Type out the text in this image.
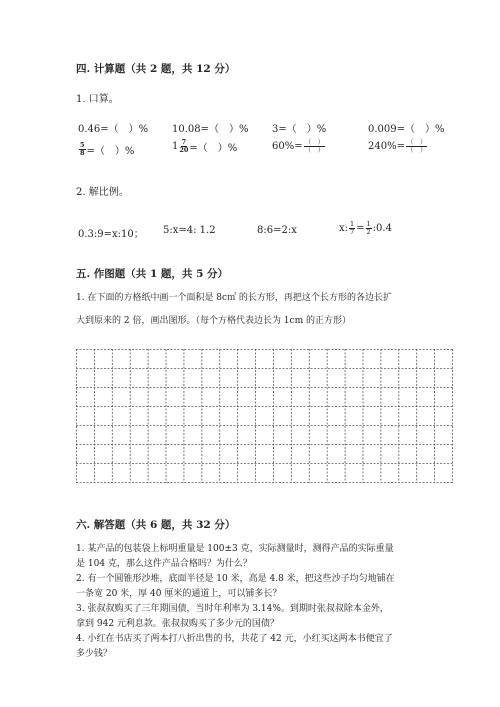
四. 计算题（共 2 题，共 12 分）
1. 口算。
0.46=（　）% 10.08=（　）% 3=（　）%	0.009=（　）%
$\frac{5}{8}$ =（　）%	$1 \frac{7}{20}$ =（　）%	$60\%= \frac{( )}{( )}$	$240\%= \frac{( )}{( )}$
2. 解比例。
0.3:9=x:10； 5:x=4: 1.2	8:6=2:x	x: $\frac{1}{7} = \frac{1}{2}$ :0.4
五. 作图题（共 1 题，共 5 分）
1. 在下面的方格纸中画一个面积是 8c㎡ 的长方形，再把这个长方形的各边长扩
大到原来的 2 倍，画出图形。（每个方格代表边长为 1cm 的正方形）
六. 解答题（共 6 题，共 32 分）
1. 某产品的包装袋上标明重量是 100±3 克，实际测量时，测得产品的实际重量
是 104 克，那么这件产品合格吗？为什么？
2. 有一个圆锥形沙堆，底面半径是 10 米，高是 4.8 米，把这些沙子均匀地铺在
一条宽 20 米，厚 40 厘米的通道上，可以铺多长？
3. 张叔叔购买了三年期国债，当时年利率为 3.14%。到期时张叔叔除本金外，
拿到 942 元利息款。张叔叔购买了多少元的国债？
4. 小红在书店买了两本打八折出售的书，共花了 42 元，小红买这两本书便宜了
多少钱？
